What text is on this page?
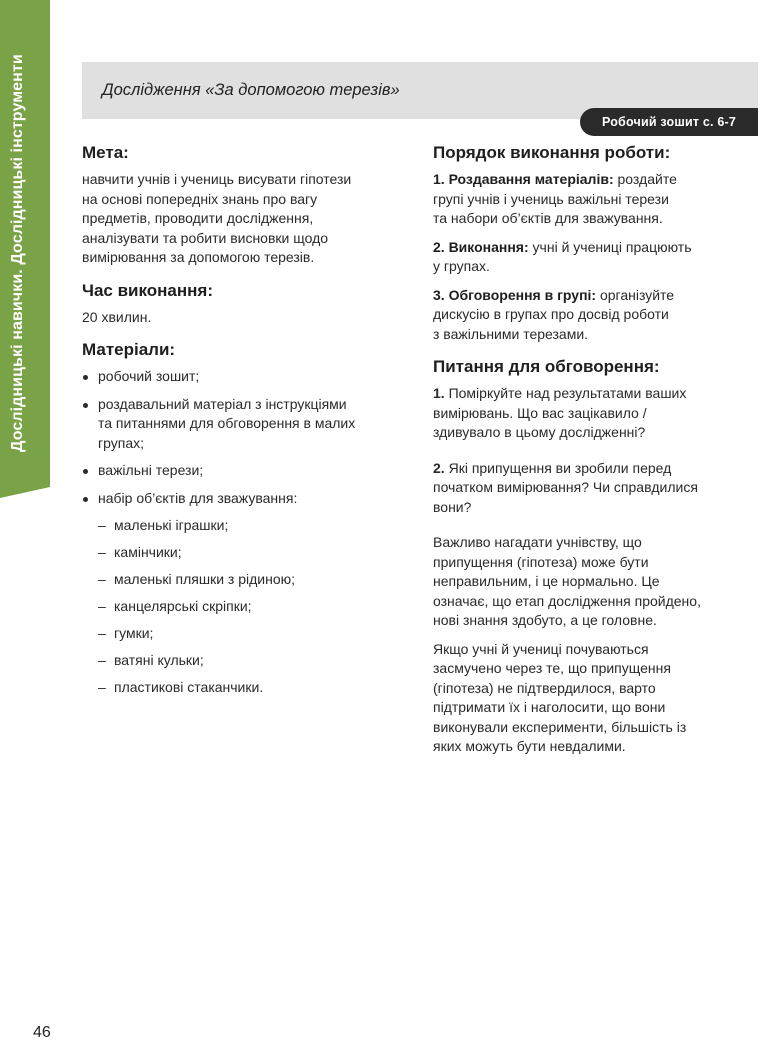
Дослідницькі навички. Дослідницькі інструменти	Дослідження «За допомогою терезів»
Робочий зошит с. 6-7
Мета:

навчити учнів і учениць висувати гіпотези
на основі попередніх знань про вагу
предметів, проводити дослідження,
аналізувати та робити висновки щодо
вимірювання за допомогою терезів.

Час виконання:

20 хвилин.

Матеріали:
робочий зошит;
роздавальний матеріал з інструкціями
та питаннями для обговорення в малих
групах;
важільні терези;
набір об’єктів для зважування:
– маленькі іграшки;
– камінчики;
– маленькі пляшки з рідиною;
– канцелярські скріпки;
– гумки;
– ватяні кульки;
– пластикові стаканчики.
Порядок виконання роботи:

1. Роздавання матеріалів: роздайте
групі учнів і учениць важільні терези
та набори об’єктів для зважування.

2. Виконання: учні й учениці працюють
у групах.

3. Обговорення в групі: організуйте
дискусію в групах про досвід роботи
з важільними терезами.

Питання для обговорення:

1. Поміркуйте над результатами ваших
вимірювань. Що вас зацікавило /
здивувало в цьому дослідженні?

2. Які припущення ви зробили перед
початком вимірювання? Чи справдилися
вони?

Важливо нагадати учнівству, що
припущення (гіпотеза) може бути
неправильним, і це нормально. Це
означає, що етап дослідження пройдено,
нові знання здобуто, а це головне.

Якщо учні й учениці почуваються
засмучено через те, що припущення
(гіпотеза) не підтвердилося, варто
підтримати їх і наголосити, що вони
виконували експерименти, більшість із
яких можуть бути невдалими.

46
